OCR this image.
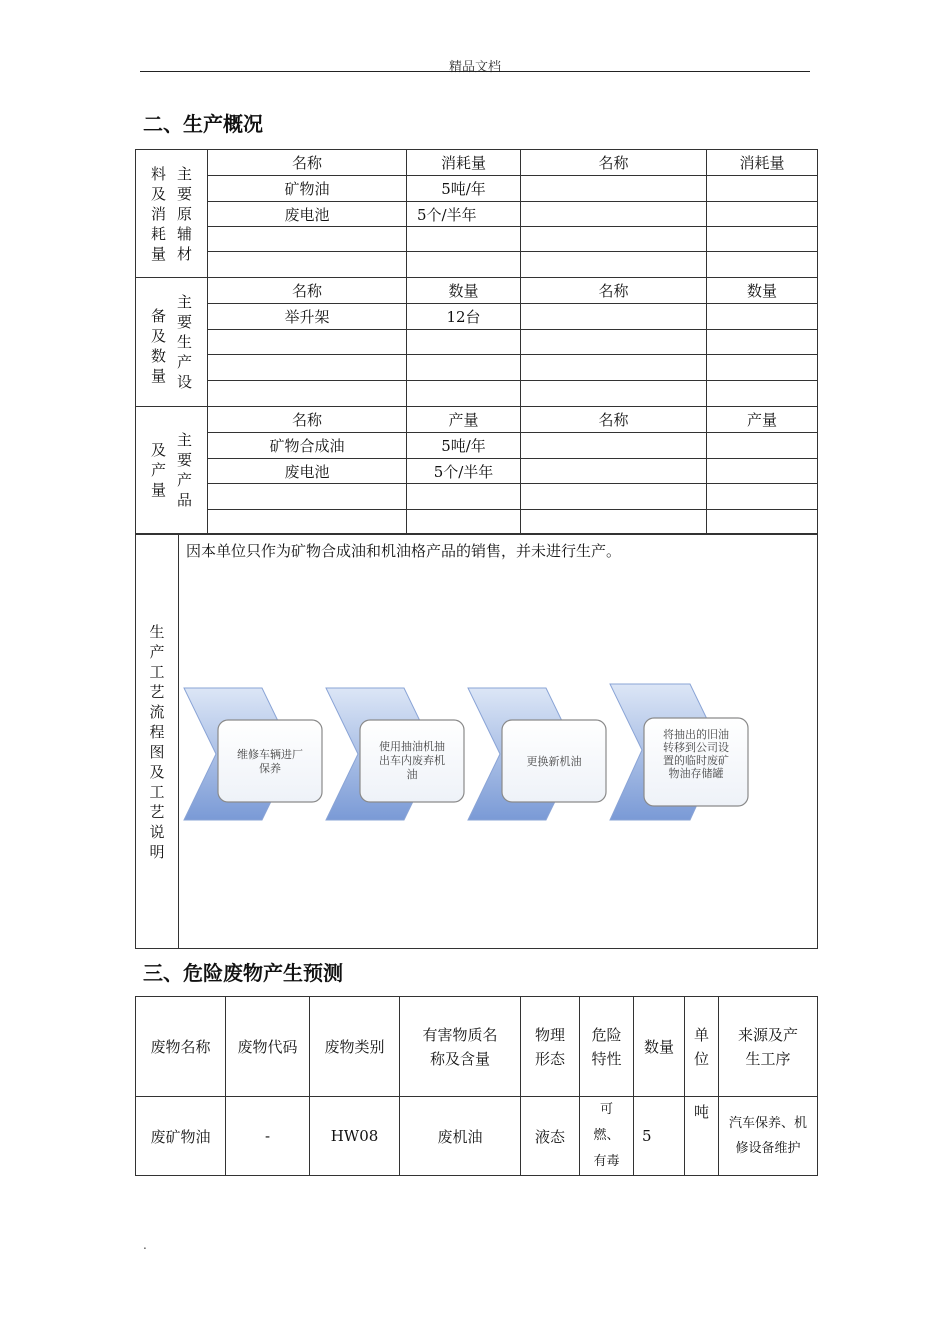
精品文档
二、生产概况
料及消耗量主要原辅材	名称	消耗量	名称	消耗量
	矿物油	5吨/年		
	废电池	5个/半年		

备及数量主要生产设	名称	数量	名称	数量
	举升架	12台		

及产量主要产品	名称	产量	名称	产量
	矿物合成油	5吨/年		
	废电池	5个/半年		

生产工艺流程图及工艺说明	
因本单位只作为矿物合成油和机油格产品的销售，并未进行生产。
维修车辆进厂保养
使用抽油机抽出车内废弃机油
更换新机油
将抽出的旧油转移到公司设置的临时废矿物油存储罐
三、危险废物产生预测
废物名称	废物代码	废物类别	有害物质名称及含量	物理形态	危险特性	数量	单位	来源及产生工序
废矿物油	-	HW08	废机油	液态	可燃、有毒	5	吨	汽车保养、机修设备维护
.
